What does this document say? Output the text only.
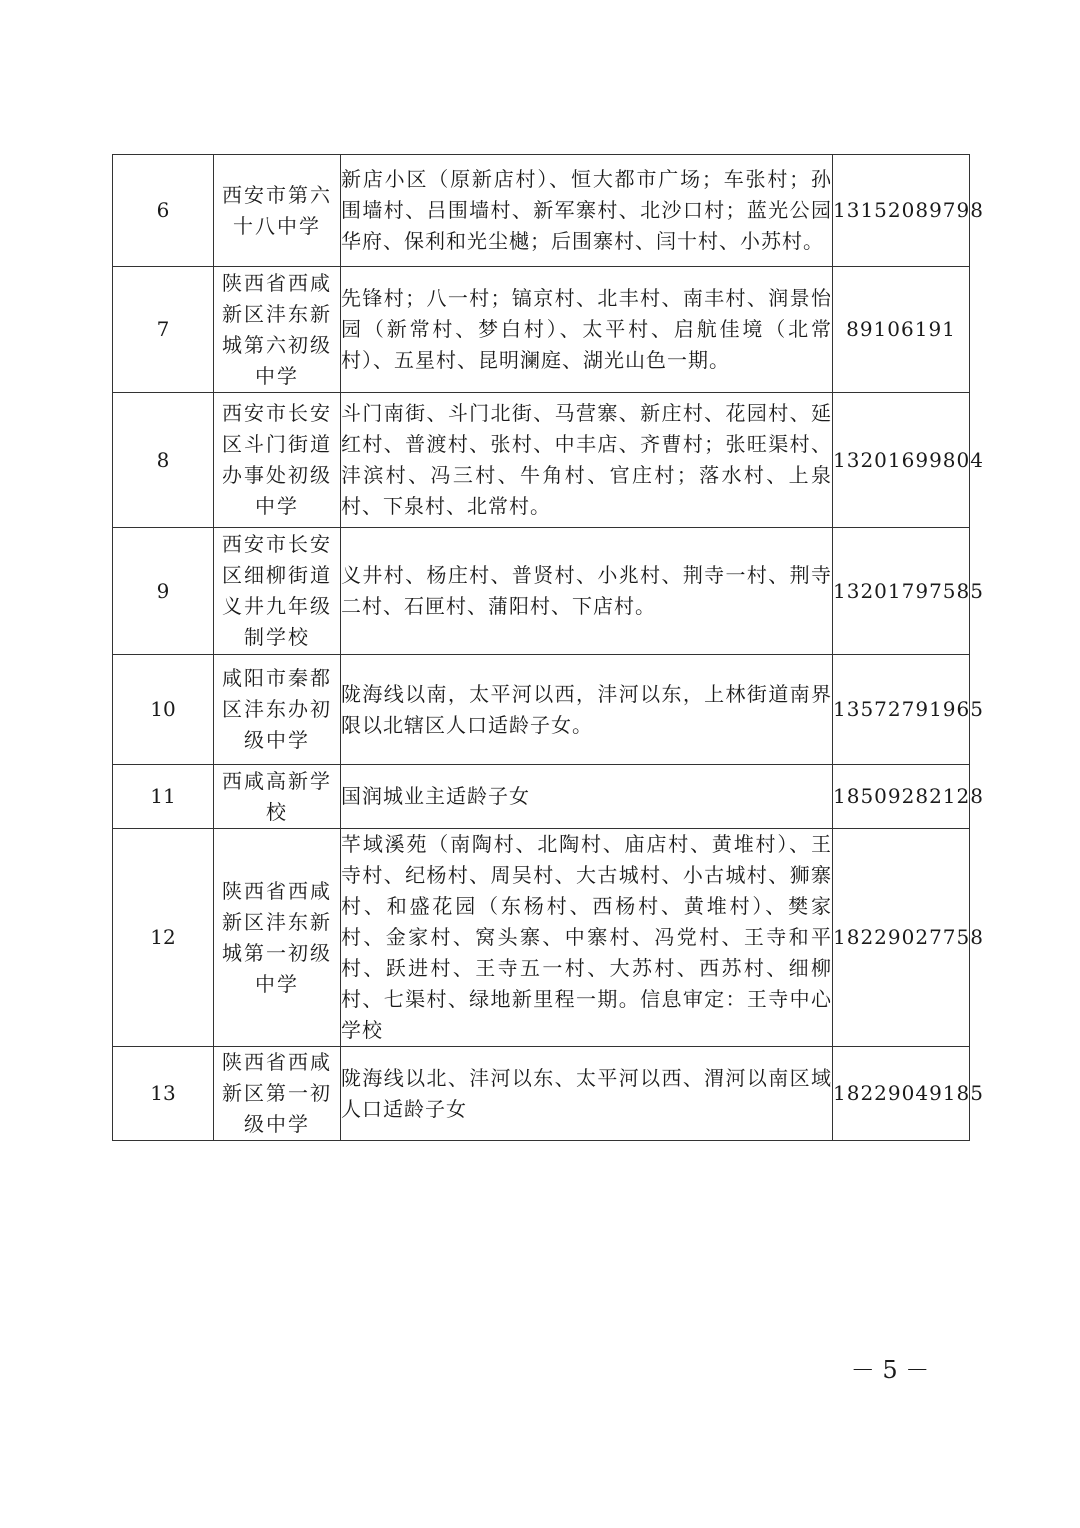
6	西安市第六十八中学	新店小区（原新店村）、恒大都市广场；车张村；孙围墙村、吕围墙村、新军寨村、北沙口村；蓝光公园华府、保利和光尘樾；后围寨村、闫十村、小苏村。	13152089798
7	陕西省西咸新区沣东新城第六初级中学	先锋村；八一村；镐京村、北丰村、南丰村、润景怡园（新常村、梦白村）、太平村、启航佳境（北常村）、五星村、昆明澜庭、湖光山色一期。	89106191
8	西安市长安区斗门街道办事处初级中学	斗门南街、斗门北街、马营寨、新庄村、花园村、延红村、普渡村、张村、中丰店、齐曹村；张旺渠村、沣滨村、冯三村、牛角村、官庄村；落水村、上泉村、下泉村、北常村。	13201699804
9	西安市长安区细柳街道义井九年级制学校	义井村、杨庄村、普贤村、小兆村、荆寺一村、荆寺二村、石匣村、蒲阳村、下店村。	13201797585
10	咸阳市秦都区沣东办初级中学	陇海线以南，太平河以西，沣河以东，上林街道南界限以北辖区人口适龄子女。	13572791965
11	西咸高新学校	国润城业主适龄子女	18509282128
12	陕西省西咸新区沣东新城第一初级中学	芊域溪苑（南陶村、北陶村、庙店村、黄堆村）、王寺村、纪杨村、周吴村、大古城村、小古城村、狮寨村、和盛花园（东杨村、西杨村、黄堆村）、樊家村、金家村、窝头寨、中寨村、冯党村、王寺和平村、跃进村、王寺五一村、大苏村、西苏村、细柳村、七渠村、绿地新里程一期。信息审定：王寺中心学校	18229027758
13	陕西省西咸新区第一初级中学	陇海线以北、沣河以东、太平河以西、渭河以南区域人口适龄子女	18229049185
－ 5 －
